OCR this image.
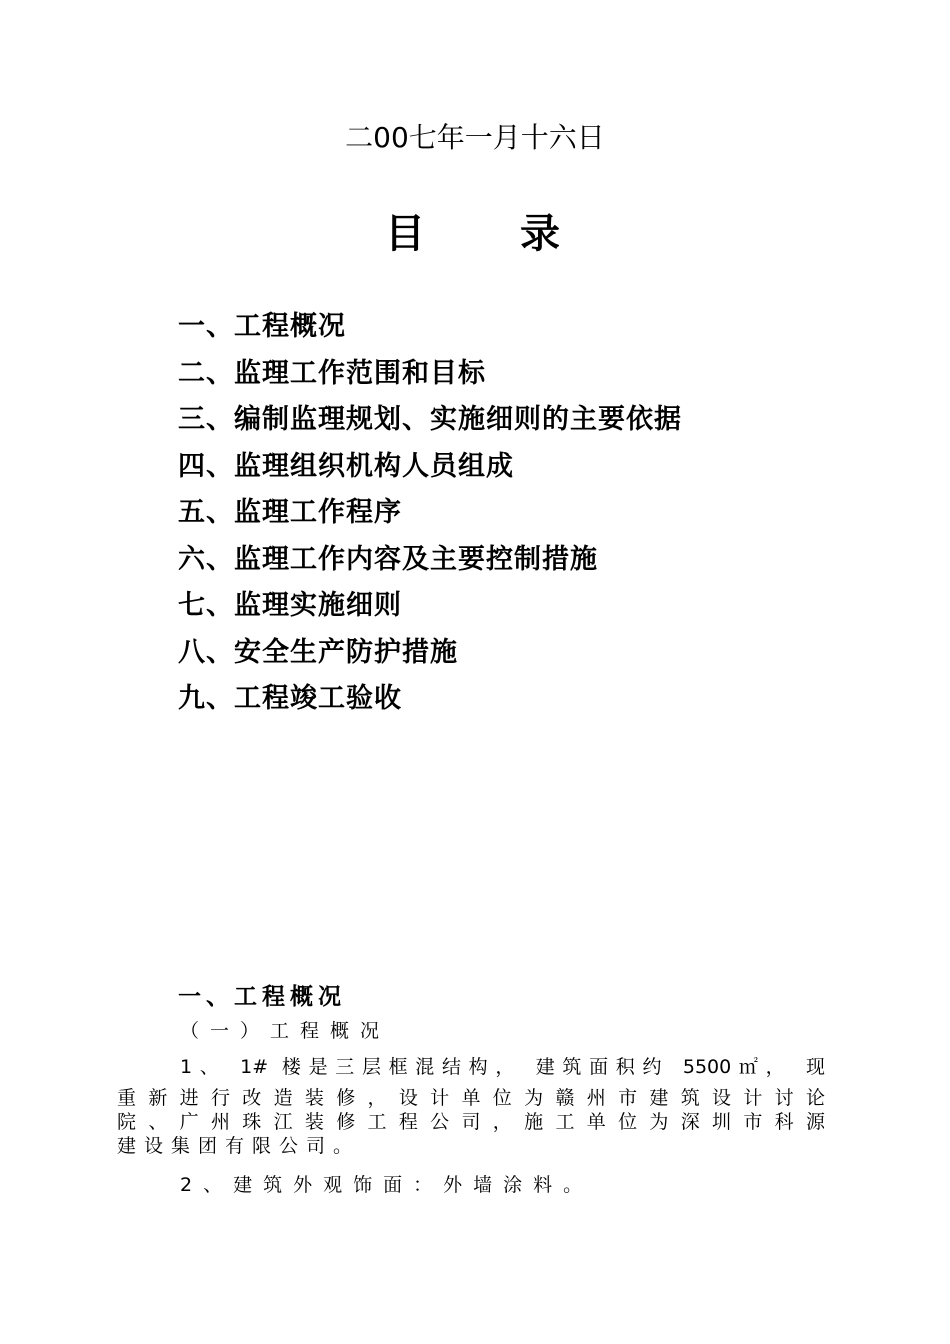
二00七年一月十六日
目 录
一、工程概况
二、监理工作范围和目标
三、编制监理规划、实施细则的主要依据
四、监理组织机构人员组成
五、监理工作程序
六、监理工作内容及主要控制措施
七、监理实施细则
八、安全生产防护措施
九、工程竣工验收
一、工程概况
（一）工程概况
1、 1# 楼是三层框混结构， 建筑面积约 5500㎡， 现
重新进行改造装修，设计单位为赣州市建筑设计讨论
院、广州珠江装修工程公司，施工单位为深圳市科源
建设集团有限公司。
2、建筑外观饰面：外墙涂料。
